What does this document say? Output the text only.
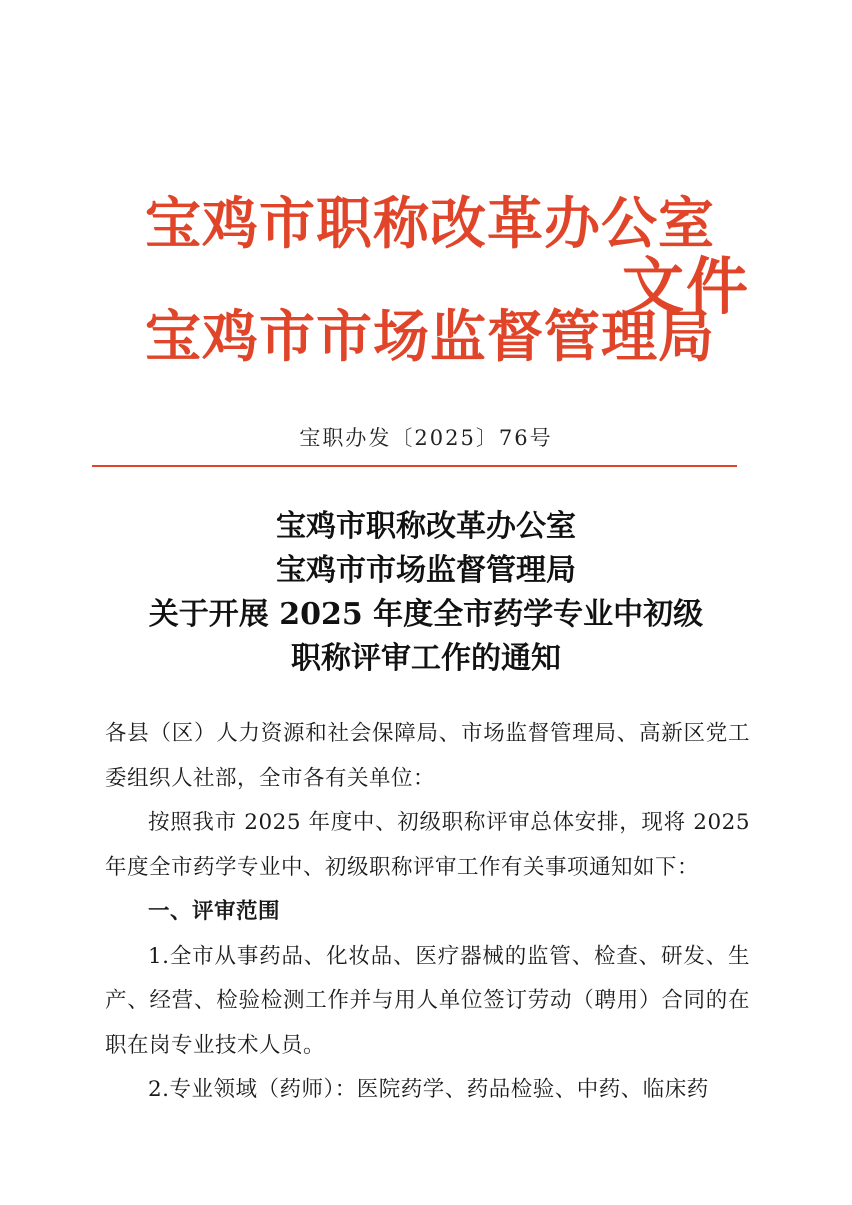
宝鸡市职称改革办公室
宝鸡市市场监督管理局
文件
宝职办发〔2025〕76号
宝鸡市职称改革办公室
宝鸡市市场监督管理局
关于开展 2025 年度全市药学专业中初级
职称评审工作的通知

各县（区）人力资源和社会保障局、市场监督管理局、高新区党工委组织人社部，全市各有关单位：

按照我市 2025 年度中、初级职称评审总体安排，现将 2025 年度全市药学专业中、初级职称评审工作有关事项通知如下：

一、评审范围

1.全市从事药品、化妆品、医疗器械的监管、检查、研发、生产、经营、检验检测工作并与用人单位签订劳动（聘用）合同的在职在岗专业技术人员。

2.专业领域（药师）：医院药学、药品检验、中药、临床药
